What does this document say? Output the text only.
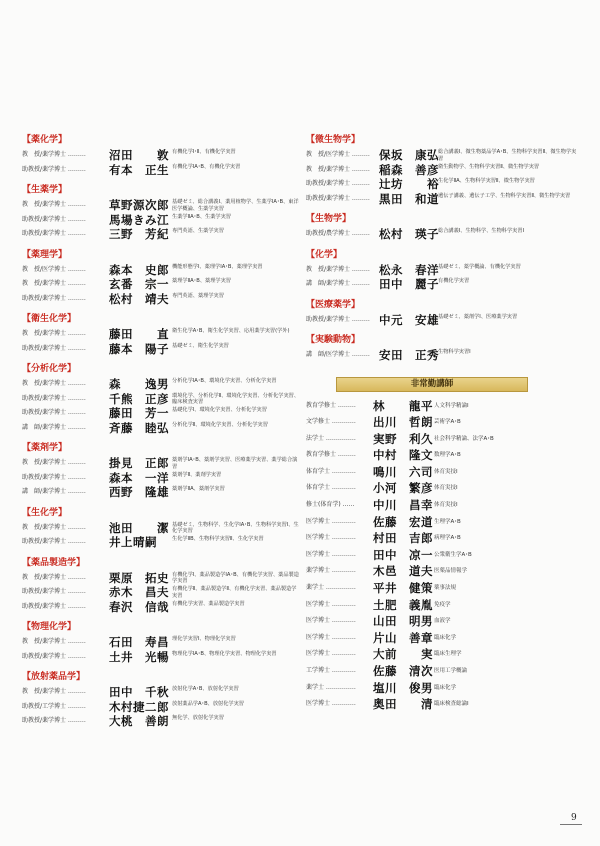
【薬化学】
教　授/薬学博士 ………	沼田　　敦 有機化学Ⅰ･Ⅱ、有機化学実習
助教授/薬学博士 ………	有本　正生 有機化学ⅠA･B、有機化学実習
【生薬学】
教　授/薬学博士 ………	草野源次郎 基礎ゼミ、総合講義Ⅰ、薬用植物学、生薬学ⅠA･B、東洋医学概論、生薬学実習
助教授/薬学博士 ………	馬場きみ江 生薬学ⅡA･B、生薬学実習
助教授/薬学博士 ………	三野　芳紀 専門英語、生薬学実習
【薬理学】
教　授/医学博士 ………	森本　史郎 機能形態学Ⅰ、薬理学ⅠA･B、薬理学実習
教　授/薬学博士 ………	玄番　宗一 薬理学ⅡA･B、薬理学実習
助教授/薬学博士 ………	松村　靖夫 専門英語、薬理学実習
【衛生化学】
教　授/薬学博士 ………	藤田　　直 衛生化学A･B、衛生化学実習、応用薬学実習(学外)
助教授/薬学博士 ………	藤本　陽子 基礎ゼミ、衛生化学実習
【分析化学】
教　授/薬学博士 ………	森　　逸男 分析化学ⅠA･B、環境化学実習、分析化学実習
助教授/薬学博士 ………	千熊　正彦 環境化学、分析化学Ⅱ、環境化学実習、分析化学実習、臨床検査実習
助教授/薬学博士 ………	藤田　芳一 基礎化学Ⅰ、環境化学実習、分析化学実習
講　師/薬学博士 ………	斉藤　睦弘 分析化学Ⅱ、環境化学実習、分析化学実習
【薬剤学】
教　授/薬学博士 ………	掛見　正郎 薬剤学ⅠA･B、薬剤学実習、医療薬学実習、薬学総合演習
助教授/薬学博士 ………	森本　一洋 薬剤学Ⅱ、薬剤学実習
講　師/薬学博士 ………	西野　隆雄 薬剤学ⅡA、薬剤学実習
【生化学】
教　授/薬学博士 ………	池田　　潔 基礎ゼミ、生物科学、生化学ⅠA･B、生物科学実習Ⅰ、生化学実習
助教授/薬学博士 ………	井上晴嗣	生化学ⅡB、生物科学実習Ⅱ、生化学実習
【薬品製造学】
教　授/薬学博士 ………	栗原　拓史 有機化学Ⅰ、薬品製造学ⅠA･B、有機化学実習、薬品製造学実習
助教授/薬学博士 ………	赤木　昌夫 有機化学Ⅱ、薬品製造学Ⅱ、有機化学実習、薬品製造学実習
助教授/薬学博士 ………	春沢　信哉 有機化学実習、薬品製造学実習
【物理化学】
教　授/薬学博士 ………	石田　寿昌 理化学実習Ⅰ、物理化学実習
助教授/薬学博士 ………	土井　光暢 物理化学ⅠA･B、物理化学実習、物理化学実習
【放射薬品学】
教　授/薬学博士 ………	田中　千秋 放射化学A･B、放射化学実習
助教授/工学博士 ………	木村捷二郎 放射薬品学A･B、放射化学実習
助教授/薬学博士 ………	大桃　善朗 無化学、放射化学実習
【微生物学】
教　授/医学博士 ……… 保坂　康弘 総合講義Ⅰ、微生物薬品学A･B、生物科学実習Ⅱ、微生物学実習
教　授/薬学博士 ……… 稲森　善彦 衛生動物学、生物科学実習Ⅱ、微生物学実習
助教授/薬学博士 ……… 辻坊　　裕 生化学ⅡA、生物科学実習Ⅱ、微生物学実習
助教授/薬学博士 ……… 黒田　和道 遺伝子講義、遺伝子工学、生物科学実習Ⅱ、微生物学実習
【生物学】
助教授/農学博士 ……… 松村　瑛子 総合講義Ⅰ、生物科学、生物科学実習Ⅰ
【化学】
教　授/薬学博士 ……… 松永　春洋 基礎ゼミ、薬学概論、有機化学実習
講　師/薬学博士 ……… 田中　麗子 有機化学実習
【医療薬学】
助教授/薬学博士 ……… 中元　安雄 基礎ゼミ、薬剤学Ⅰ、医療薬学実習
【実験動物】
講　師/医学博士 ……… 安田　正秀 生物科学実習Ⅰ
非常勤講師
教育学修士 ………	林　　龍平 人文科学精論Ⅰ
文学修士 …………	出川　哲朗 芸術学A･B
法学士 ……………	実野　利久 社会科学精論、法学A･B
教育学修士 ………	中村　隆文 数理学A･B
体育学士 …………	鳴川　六司 体育実技Ⅰ
体育学士 …………	小河　繁彦 体育実技Ⅰ
修士(体育学) ……	中川　昌幸 体育実技Ⅰ
医学博士 …………	佐藤　宏道 生理学A･B
医学博士 …………	村田　吉郎 病理学A･B
医学博士 …………	田中　凉一 公衆衛生学A･B
薬学博士 …………	木邑　道夫 医薬品情報学
薬学士 ……………	平井　健策 薬事法規
医学博士 …………	土肥　義胤 免疫学
医学博士 …………	山田　明男 血液学
医学博士 …………	片山　善章 臨床化学
医学博士 …………	大前　　実 臨床生理学
工学博士 …………	佐藤　清次 医用工学概論
薬学士 ……………	塩川　俊男 臨床化学
医学博士 …………	奥田　　清 臨床検査総論Ⅰ
9
